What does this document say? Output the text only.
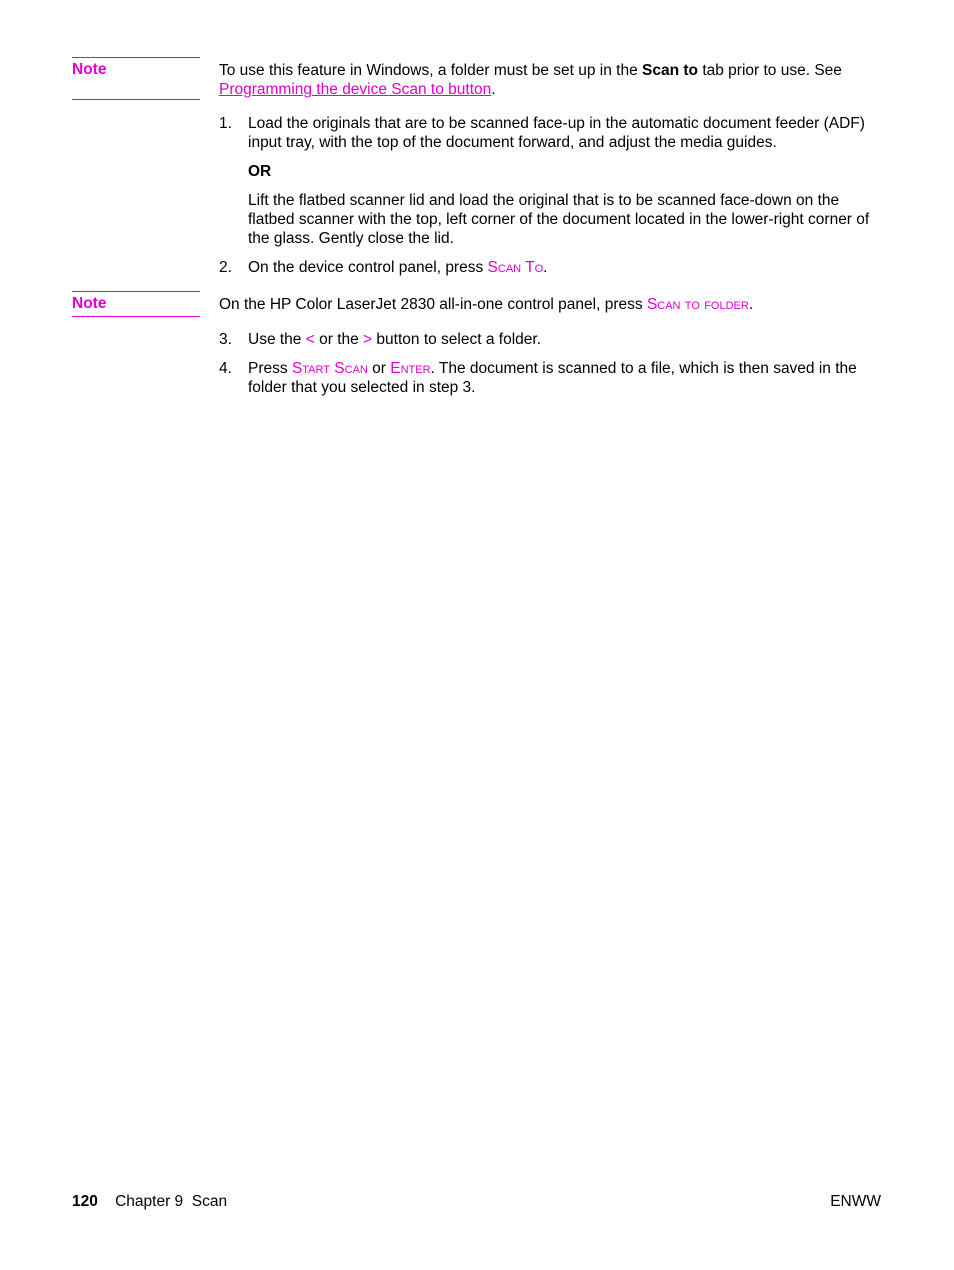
Note	To use this feature in Windows, a folder must be set up in the Scan to tab prior to use. See Programming the device Scan to button.
1.	Load the originals that are to be scanned face-up in the automatic document feeder (ADF) input tray, with the top of the document forward, and adjust the media guides.
OR
Lift the flatbed scanner lid and load the original that is to be scanned face-down on the flatbed scanner with the top, left corner of the document located in the lower-right corner of the glass. Gently close the lid.
2.	On the device control panel, press Scan To.
Note	On the HP Color LaserJet 2830 all-in-one control panel, press Scan to folder.
3.	Use the < or the > button to select a folder.
4.	Press Start Scan or Enter. The document is scanned to a file, which is then saved in the folder that you selected in step 3.
120 Chapter 9  Scan	ENWW
